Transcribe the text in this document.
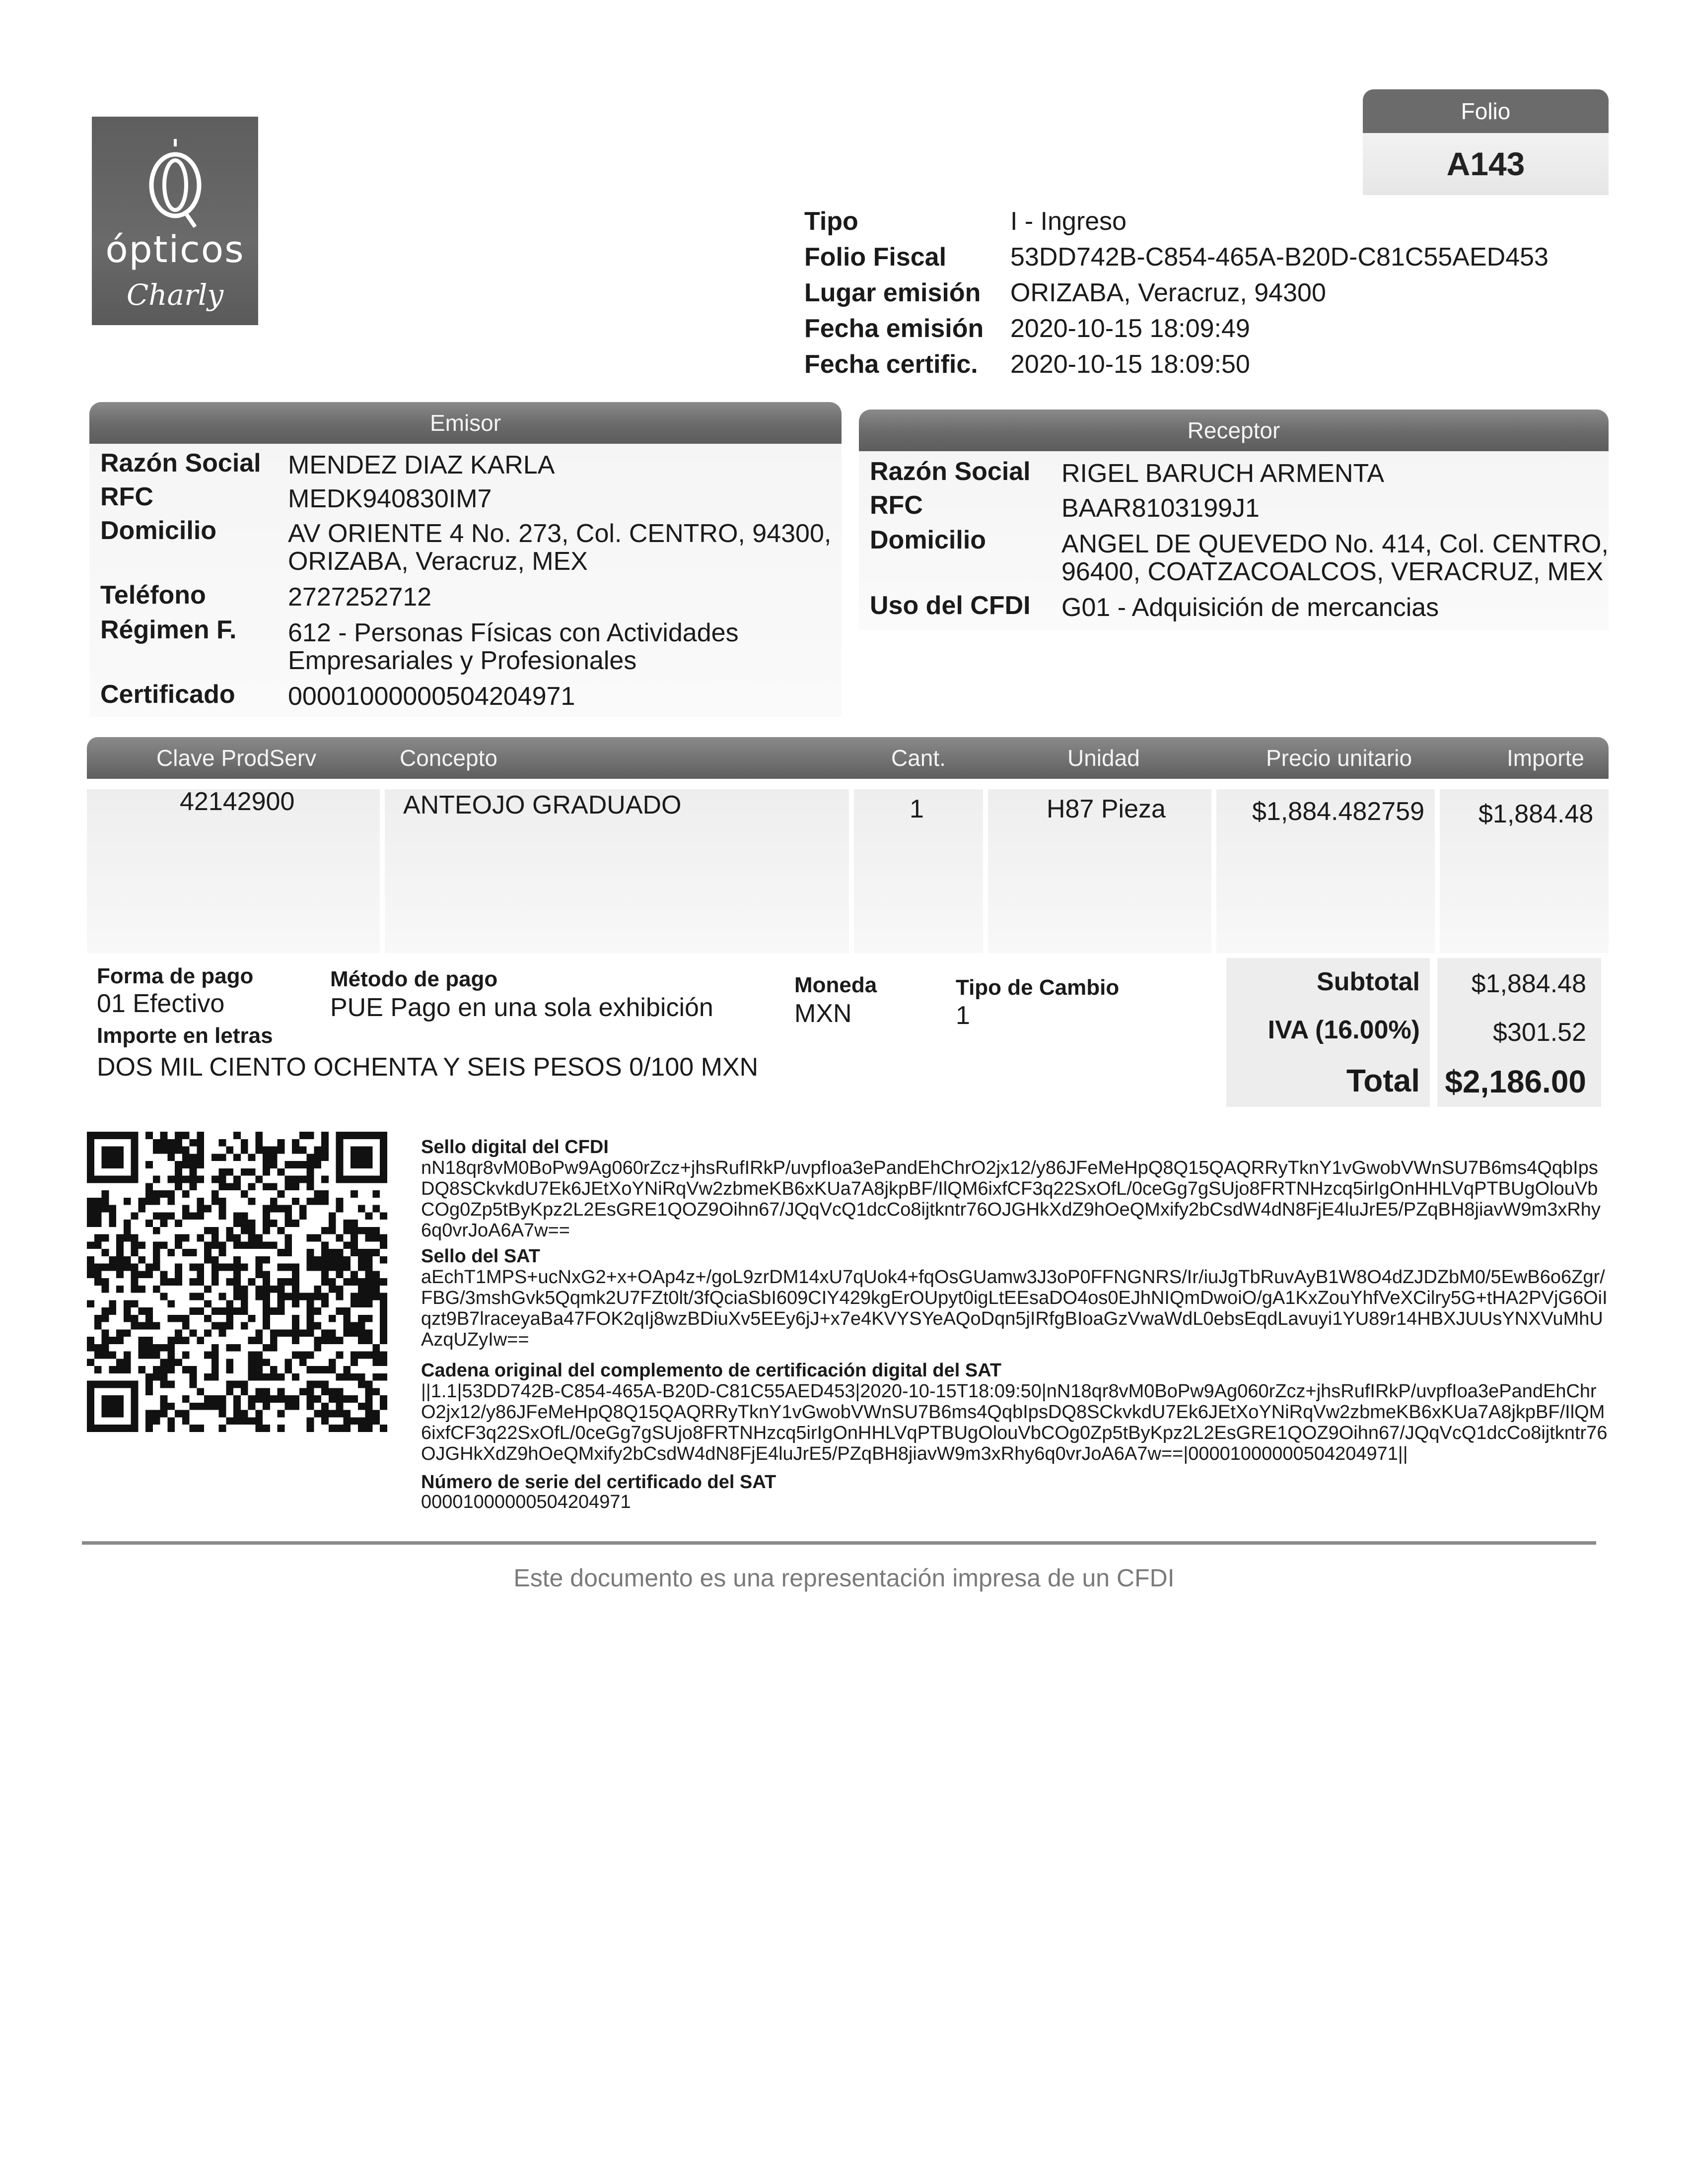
ópticos
Charly
Folio
A143
Tipo	I - Ingreso
Folio Fiscal 53DD742B-C854-465A-B20D-C81C55AED453
Lugar emisión ORIZABA, Veracruz, 94300
Fecha emisión 2020-10-15 18:09:49
Fecha certific. 2020-10-15 18:09:50
Emisor
Razón Social MENDEZ DIAZ KARLA
RFC	MEDK940830IM7
Domicilio	AV ORIENTE 4 No. 273, Col. CENTRO, 94300,
ORIZABA, Veracruz, MEX
Teléfono	2727252712
Régimen F. 612 - Personas Físicas con Actividades
Empresariales y Profesionales
Certificado 00001000000504204971
Receptor
Razón Social RIGEL BARUCH ARMENTA
RFC	BAAR8103199J1
Domicilio	ANGEL DE QUEVEDO No. 414, Col. CENTRO,
96400, COATZACOALCOS, VERACRUZ, MEX
Uso del CFDI G01 - Adquisición de mercancias
Clave ProdServ	Concepto	Cant.	Unidad	Precio unitario	Importe
42142900	ANTEOJO GRADUADO	1	H87 Pieza	$1,884.482759 $1,884.48
Forma de pago
01 Efectivo
Método de pago
PUE Pago en una sola exhibición
Moneda
MXN
Tipo de Cambio
1
Importe en letras
DOS MIL CIENTO OCHENTA Y SEIS PESOS 0/100 MXN
Subtotal	$1,884.48
IVA (16.00%)	$301.52
Total $2,186.00
Sello digital del CFDI
nN18qr8vM0BoPw9Ag060rZcz+jhsRufIRkP/uvpfIoa3ePandEhChrO2jx12/y86JFeMeHpQ8Q15QAQRRyTknY1vGwobVWnSU7B6ms4QqbIpsDQ8SCkvkdU7Ek6JEtXoYNiRqVw2zbmeKB6xKUa7A8jkpBF/IlQM6ixfCF3q22SxOfL/0ceGg7gSUjo8FRTNHzcq5irIgOnHHLVqPTBUgOlouVbCOg0Zp5tByKpz2L2EsGRE1QOZ9Oihn67/JQqVcQ1dcCo8ijtkntr76OJGHkXdZ9hOeQMxify2bCsdW4dN8FjE4luJrE5/PZqBH8jiavW9m3xRhy6q0vrJoA6A7w==
Sello del SAT
aEchT1MPS+ucNxG2+x+OAp4z+/goL9zrDM14xU7qUok4+fqOsGUamw3J3oP0FFNGNRS/Ir/iuJgTbRuvAyB1W8O4dZJDZbM0/5EwB6o6Zgr/FBG/3mshGvk5Qqmk2U7FZt0lt/3fQciaSbI609CIY429kgErOUpyt0igLtEEsaDO4os0EJhNIQmDwoiO/gA1KxZouYhfVeXCilry5G+tHA2PVjG6OiIqzt9B7lraceyaBa47FOK2qIj8wzBDiuXv5EEy6jJ+x7e4KVYSYeAQoDqn5jIRfgBIoaGzVwaWdL0ebsEqdLavuyi1YU89r14HBXJUUsYNXVuMhUAzqUZyIw==
Cadena original del complemento de certificación digital del SAT
||1.1|53DD742B-C854-465A-B20D-C81C55AED453|2020-10-15T18:09:50|nN18qr8vM0BoPw9Ag060rZcz+jhsRufIRkP/uvpfIoa3ePandEhChrO2jx12/y86JFeMeHpQ8Q15QAQRRyTknY1vGwobVWnSU7B6ms4QqbIpsDQ8SCkvkdU7Ek6JEtXoYNiRqVw2zbmeKB6xKUa7A8jkpBF/IlQM6ixfCF3q22SxOfL/0ceGg7gSUjo8FRTNHzcq5irIgOnHHLVqPTBUgOlouVbCOg0Zp5tByKpz2L2EsGRE1QOZ9Oihn67/JQqVcQ1dcCo8ijtkntr76OJGHkXdZ9hOeQMxify2bCsdW4dN8FjE4luJrE5/PZqBH8jiavW9m3xRhy6q0vrJoA6A7w==|00001000000504204971||
Número de serie del certificado del SAT
00001000000504204971
Este documento es una representación impresa de un CFDI
